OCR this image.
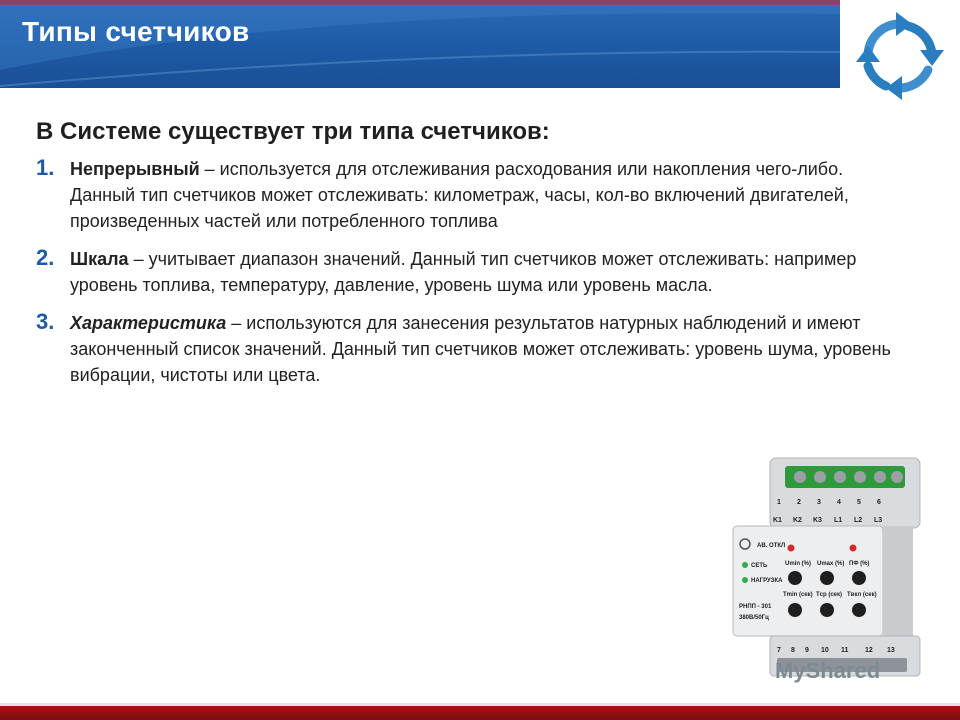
Типы счетчиков
В Системе существует три типа счетчиков:
1. Непрерывный – используется для отслеживания расходования или накопления чего-либо. Данный тип счетчиков может отслеживать: километраж, часы, кол-во включений двигателей, произведенных частей или потребленного топлива
2. Шкала – учитывает диапазон значений. Данный тип счетчиков может отслеживать: например уровень топлива, температуру, давление, уровень шума или уровень масла.
3. Характеристика – используются для занесения результатов натурных наблюдений и имеют законченный список значений. Данный тип счетчиков может отслеживать: уровень шума, уровень вибрации, чистоты или цвета.
1 2 3 4 5 6
K1 K2 K3 L1 L2 L3
АВ. ОТКЛ
СЕТЬ
НАГРУЗКА
Umin (%) Umax (%) ПФ (%)
Tmin (сек) Tср (сек) Tвкл (сек)
РНПП - 301
380В/50Гц
7 8 9 10 11 12 13
MyShared
